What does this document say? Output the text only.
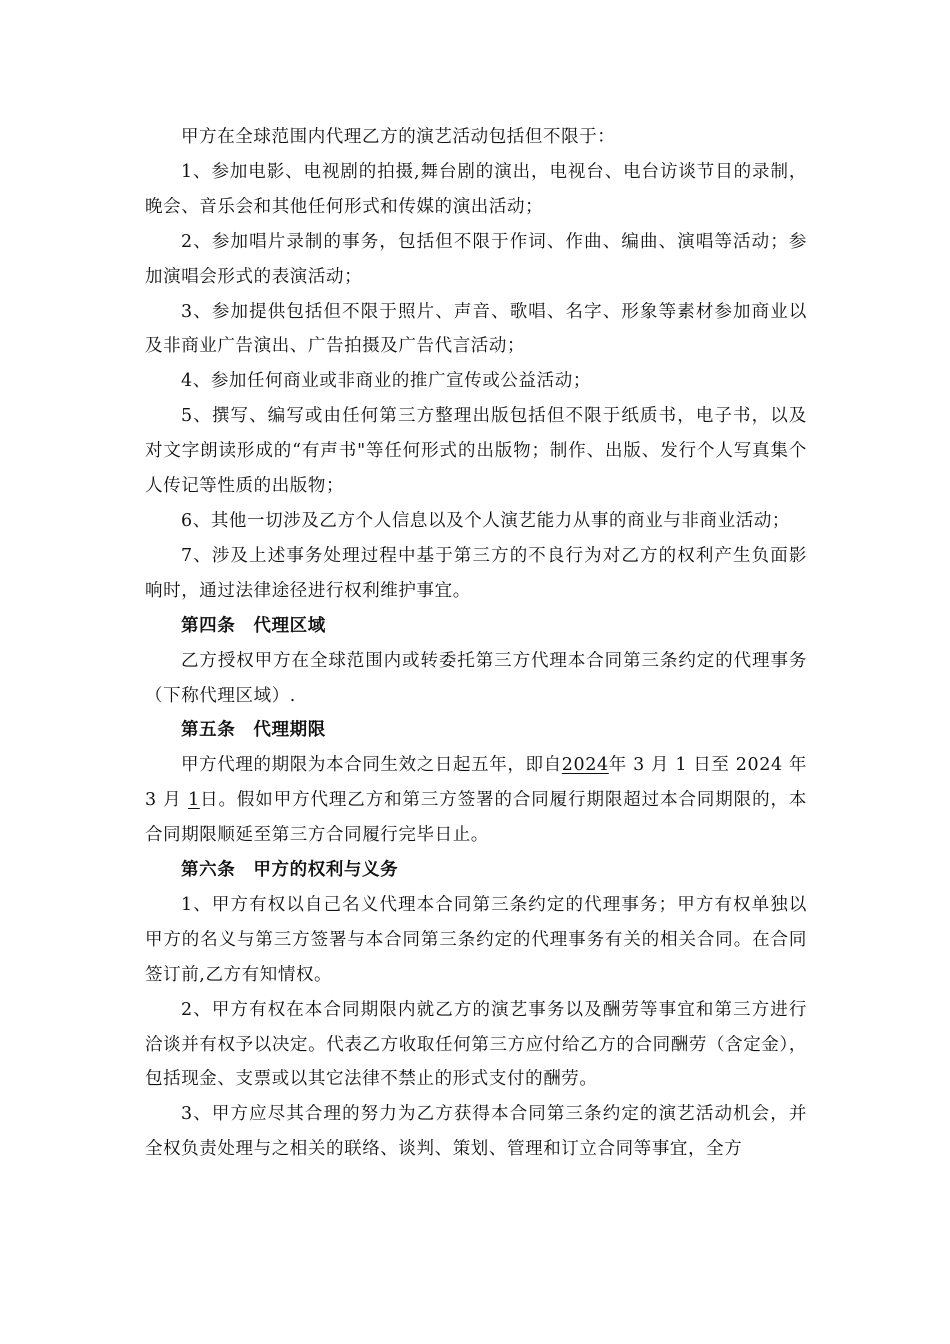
甲方在全球范围内代理乙方的演艺活动包括但不限于：

1、参加电影、电视剧的拍摄,舞台剧的演出，电视台、电台访谈节目的录制，晚会、音乐会和其他任何形式和传媒的演出活动；

2、参加唱片录制的事务，包括但不限于作词、作曲、编曲、演唱等活动；参加演唱会形式的表演活动；

3、参加提供包括但不限于照片、声音、歌唱、名字、形象等素材参加商业以及非商业广告演出、广告拍摄及广告代言活动；

4、参加任何商业或非商业的推广宣传或公益活动；

5、撰写、编写或由任何第三方整理出版包括但不限于纸质书，电子书，以及对文字朗读形成的“有声书"等任何形式的出版物；制作、出版、发行个人写真集个人传记等性质的出版物；

6、其他一切涉及乙方个人信息以及个人演艺能力从事的商业与非商业活动；

7、涉及上述事务处理过程中基于第三方的不良行为对乙方的权利产生负面影响时，通过法律途径进行权利维护事宜。

第四条　代理区域

乙方授权甲方在全球范围内或转委托第三方代理本合同第三条约定的代理事务（下称代理区域）.

第五条　代理期限

甲方代理的期限为本合同生效之日起五年，即自2024年 3 月 1 日至 2024 年 3 月 1日。假如甲方代理乙方和第三方签署的合同履行期限超过本合同期限的，本合同期限顺延至第三方合同履行完毕日止。

第六条　甲方的权利与义务

1、甲方有权以自己名义代理本合同第三条约定的代理事务；甲方有权单独以甲方的名义与第三方签署与本合同第三条约定的代理事务有关的相关合同。在合同签订前,乙方有知情权。

2、甲方有权在本合同期限内就乙方的演艺事务以及酬劳等事宜和第三方进行洽谈并有权予以决定。代表乙方收取任何第三方应付给乙方的合同酬劳（含定金），包括现金、支票或以其它法律不禁止的形式支付的酬劳。

3、甲方应尽其合理的努力为乙方获得本合同第三条约定的演艺活动机会，并全权负责处理与之相关的联络、谈判、策划、管理和订立合同等事宜，全方
